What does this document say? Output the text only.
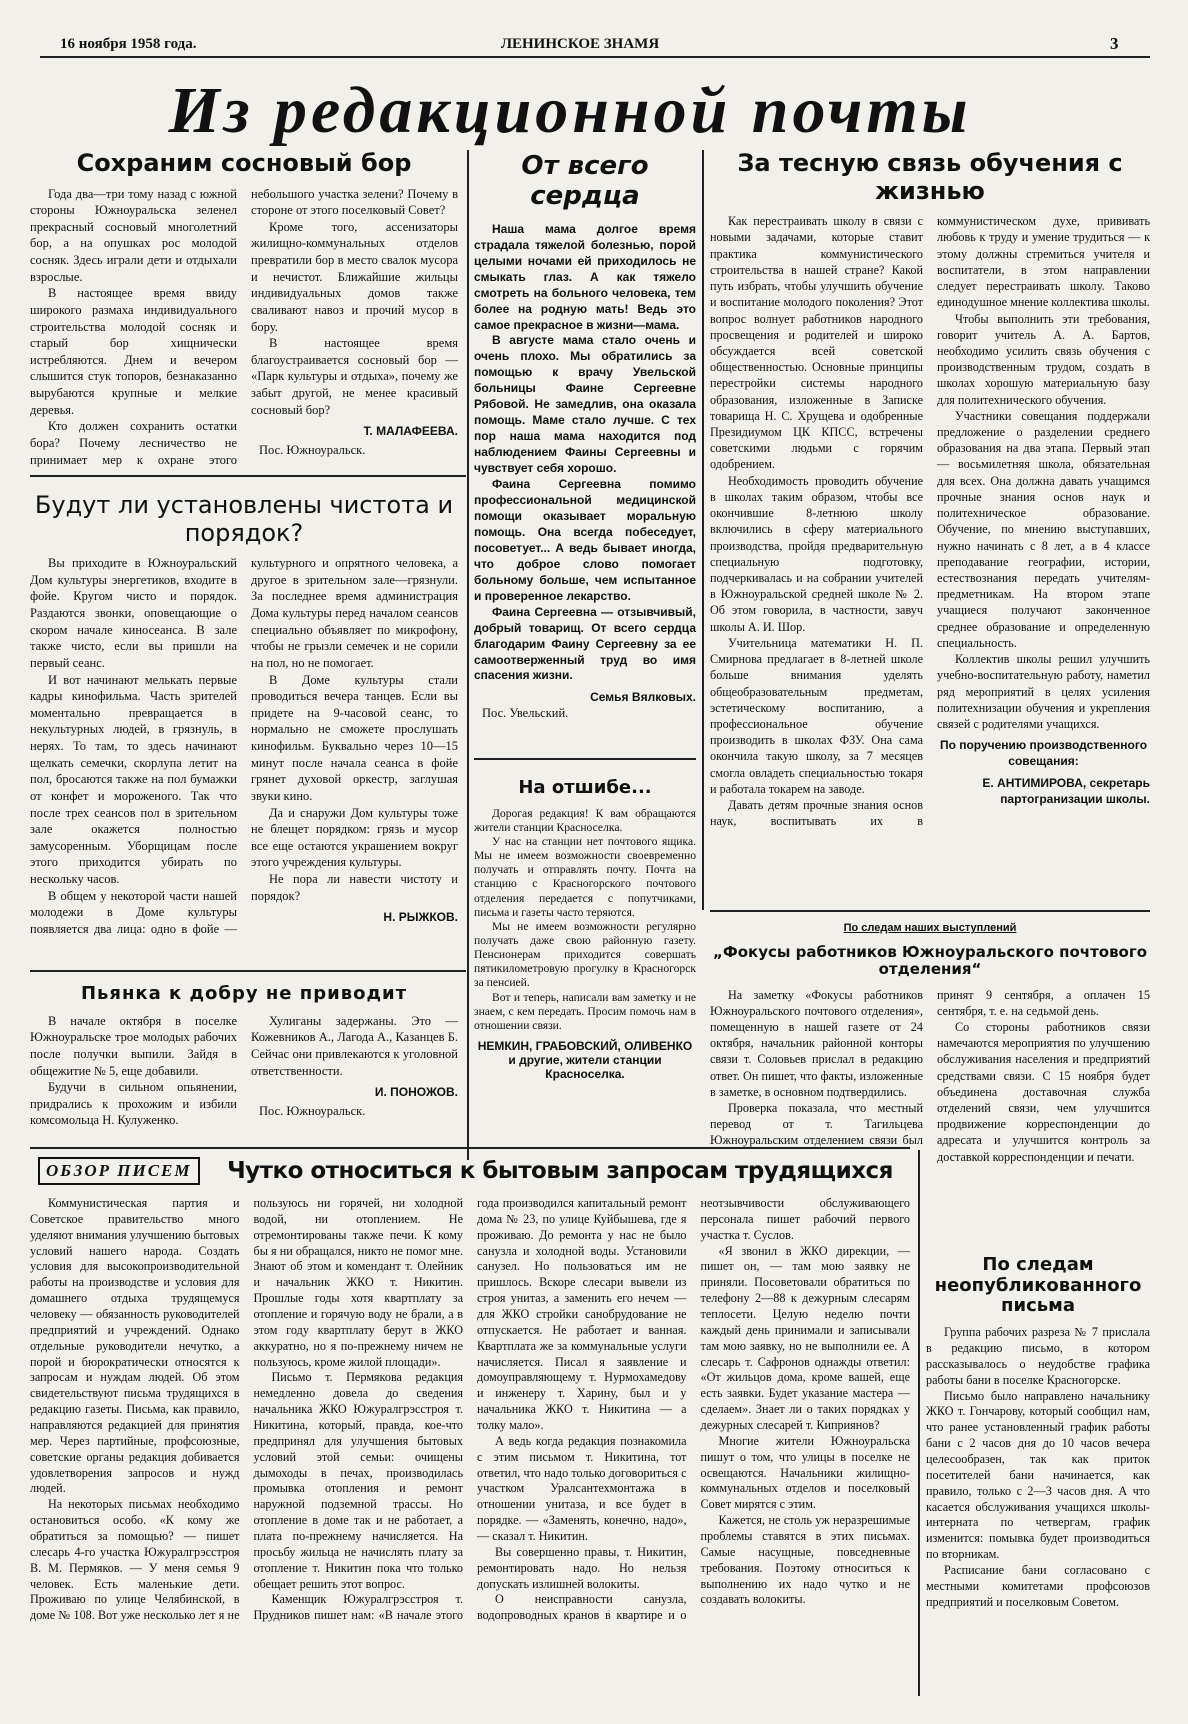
16 ноября 1958 года.	ЛЕНИНСКОЕ ЗНАМЯ	3
Из редакционной почты
Сохраним сосновый бор

Года два—три тому назад с южной стороны Южноуральска зеленел прекрасный сосновый многолетний бор, а на опушках рос молодой сосняк. Здесь играли дети и отдыхали взрослые.

В настоящее время ввиду широкого размаха индивидуального строительства молодой сосняк и старый бор хищнически истребляются. Днем и вечером слышится стук топоров, безнаказанно вырубаются крупные и мелкие деревья.

Кто должен сохранить остатки бора? Почему лесничество не принимает мер к охране этого небольшого участка зелени? Почему в стороне от этого поселковый Совет?

Кроме того, ассенизаторы жилищно-коммунальных отделов превратили бор в место свалок мусора и нечистот. Ближайшие жильцы индивидуальных домов также сваливают навоз и прочий мусор в бору.

В настоящее время благоустраивается сосновый бор — «Парк культуры и отдыха», почему же забыт другой, не менее красивый сосновый бор?

Т. МАЛАФЕЕВА.
Пос. Южноуральск.
От всего сердца

Наша мама долгое время страдала тяжелой болезнью, порой целыми ночами ей приходилось не смыкать глаз. А как тяжело смотреть на больного человека, тем более на родную мать! Ведь это самое прекрасное в жизни—мама.

В августе мама стало очень и очень плохо. Мы обратились за помощью к врачу Увельской больницы Фаине Сергеевне Рябовой. Не замедлив, она оказала помощь. Маме стало лучше. С тех пор наша мама находится под наблюдением Фаины Сергеевны и чувствует себя хорошо.

Фаина Сергеевна помимо профессиональной медицинской помощи оказывает моральную помощь. Она всегда побеседует, посоветует... А ведь бывает иногда, что доброе слово помогает больному больше, чем испытанное и проверенное лекарство.

Фаина Сергеевна — отзывчивый, добрый товарищ. От всего сердца благодарим Фаину Сергеевну за ее самоотверженный труд во имя спасения жизни.

Семья Вялковых.
Пос. Увельский.
За тесную связь обучения с жизнью

Как перестраивать школу в связи с новыми задачами, которые ставит практика коммунистического строительства в нашей стране? Какой путь избрать, чтобы улучшить обучение и воспитание молодого поколения? Этот вопрос волнует работников народного просвещения и родителей и широко обсуждается всей советской общественностью. Основные принципы перестройки системы народного образования, изложенные в Записке товарища Н. С. Хрущева и одобренные Президиумом ЦК КПСС, встречены советскими людьми с горячим одобрением.

Необходимость проводить обучение в школах таким образом, чтобы все окончившие 8-летнюю школу включились в сферу материального производства, пройдя предварительную специальную подготовку, подчеркивалась и на собрании учителей в Южноуральской средней школе № 2. Об этом говорила, в частности, завуч школы А. И. Шор.

Учительница математики Н. П. Смирнова предлагает в 8-летней школе больше внимания уделять общеобразовательным предметам, эстетическому воспитанию, а профессиональное обучение производить в школах ФЗУ. Она сама окончила такую школу, за 7 месяцев смогла овладеть специальностью токаря и работала токарем на заводе.

Давать детям прочные знания основ наук, воспитывать их в коммунистическом духе, прививать любовь к труду и умение трудиться — к этому должны стремиться учителя и воспитатели, в этом направлении следует перестраивать школу. Таково единодушное мнение коллектива школы.

Чтобы выполнить эти требования, говорит учитель А. А. Бартов, необходимо усилить связь обучения с производственным трудом, создать в школах хорошую материальную базу для политехнического обучения.

Участники совещания поддержали предложение о разделении среднего образования на два этапа. Первый этап — восьмилетняя школа, обязательная для всех. Она должна давать учащимся прочные знания основ наук и политехническое образование. Обучение, по мнению выступавших, нужно начинать с 8 лет, а в 4 классе преподавание географии, истории, естествознания передать учителям-предметникам. На втором этапе учащиеся получают законченное среднее образование и определенную специальность.

Коллектив школы решил улучшить учебно-воспитательную работу, наметил ряд мероприятий в целях усиления политехнизации обучения и укрепления связей с родителями учащихся.

По поручению производственного совещания:
Е. АНТИМИРОВА, секретарь партогранизации школы.
Будут ли установлены чистота и порядок?

Вы приходите в Южноуральский Дом культуры энергетиков, входите в фойе. Кругом чисто и порядок. Раздаются звонки, оповещающие о скором начале киносеанса. В зале также чисто, если вы пришли на первый сеанс.

И вот начинают мелькать первые кадры кинофильма. Часть зрителей моментально превращается в некультурных людей, в грязнуль, в неряx. То там, то здесь начинают щелкать семечки, скорлупа летит на пол, бросаются также на пол бумажки от конфет и мороженого. Так что после трех сеансов пол в зрительном зале окажется полностью замусоренным. Уборщицам после этого приходится убирать по нескольку часов.

В общем у некоторой части нашей молодежи в Доме культуры появляется два лица: одно в фойе — культурного и опрятного человека, а другое в зрительном зале—грязнули. За последнее время администрация Дома культуры перед началом сеансов специально объявляет по микрофону, чтобы не грызли семечек и не сорили на пол, но не помогает.

В Доме культуры стали проводиться вечера танцев. Если вы придете на 9-часовой сеанс, то нормально не сможете прослушать кинофильм. Буквально через 10—15 минут после начала сеанса в фойе грянет духовой оркестр, заглушая звуки кино.

Да и снаружи Дом культуры тоже не блещет порядком: грязь и мусор все еще остаются украшением вокруг этого учреждения культуры.

Не пора ли навести чистоту и порядок?

Н. РЫЖКОВ.
На отшибе...

Дорогая редакция! К вам обращаются жители станции Красноселка.

У нас на станции нет почтового ящика. Мы не имеем возможности своевременно получать и отправлять почту. Почта на станцию с Красногорского почтового отделения передается с попутчиками, письма и газеты часто теряются.

Мы не имеем возможности регулярно получать даже свою районную газету. Пенсионерам приходится совершать пятикилометровую прогулку в Красногорск за пенсией.

Вот и теперь, написали вам заметку и не знаем, с кем передать. Просим помочь нам в отношении связи.

НЕМКИН, ГРАБОВСКИЙ, ОЛИВЕНКО и другие, жители станции Красноселка.
Пьянка к добру не приводит

В начале октября в поселке Южноуральске трое молодых рабочих после получки выпили. Зайдя в общежитие № 5, еще добавили.

Будучи в сильном опьянении, придрались к прохожим и избили комсомольца Н. Кулуженко.

Хулиганы задержаны. Это — Кожевников А., Лагода А., Казанцев Б. Сейчас они привлекаются к уголовной ответственности.

И. ПОНОЖОВ.
Пос. Южноуральск.
По следам наших выступлений
„Фокусы работников Южноуральского почтового отделения“

На заметку «Фокусы работников Южноуральского почтового отделения», помещенную в нашей газете от 24 октября, начальник районной конторы связи т. Соловьев прислал в редакцию ответ. Он пишет, что факты, изложенные в заметке, в основном подтвердились.

Проверка показала, что местный перевод от т. Тагильцева Южноуральским отделением связи был принят 9 сентября, а оплачен 15 сентября, т. е. на седьмой день.

Со стороны работников связи намечаются мероприятия по улучшению обслуживания населения и предприятий средствами связи. С 15 ноября будет объединена доставочная служба отделений связи, чем улучшится продвижение корреспонденции до адресата и улучшится контроль за доставкой корреспонденции и печати.

ОБЗОР ПИСЕМ	Чутко относиться к бытовым запросам трудящихся

Коммунистическая партия и Советское правительство много уделяют внимания улучшению бытовых условий нашего народа. Создать условия для высокопроизводительной работы на производстве и условия для домашнего отдыха трудящемуся человеку — обязанность руководителей предприятий и учреждений. Однако отдельные руководители нечутко, а порой и бюрократически относятся к запросам и нуждам людей. Об этом свидетельствуют письма трудящихся в редакцию газеты. Письма, как правило, направляются редакцией для принятия мер. Через партийные, профсоюзные, советские органы редакция добивается удовлетворения запросов и нужд людей.

На некоторых письмах необходимо остановиться особо. «К кому же обратиться за помощью? — пишет слесарь 4-го участка Южуралгрэсстроя В. М. Пермяков. — У меня семья 9 человек. Есть маленькие дети. Проживаю по улице Челябинской, в доме № 108. Вот уже несколько лет я не пользуюсь ни горячей, ни холодной водой, ни отоплением. Не отремонтированы также печи. К кому бы я ни обращался, никто не помог мне. Знают об этом и комендант т. Олейник и начальник ЖКО т. Никитин. Прошлые годы хотя квартплату за отопление и горячую воду не брали, а в этом году квартплату берут в ЖКО аккуратно, но я по-прежнему ничем не пользуюсь, кроме жилой площади».

Письмо т. Пермякова редакция немедленно довела до сведения начальника ЖКО Южуралгрэсстроя т. Никитина, который, правда, кое-что предпринял для улучшения бытовых условий этой семьи: очищены дымоходы в печах, производилась промывка отопления и ремонт наружной подземной трассы. Но отопление в доме так и не работает, а плата по-прежнему начисляется. На просьбу жильца не начислять плату за отопление т. Никитин пока что только обещает решить этот вопрос.

Каменщик Южуралгрэсстроя т. Прудников пишет нам: «В начале этого года производился капитальный ремонт дома № 23, по улице Куйбышева, где я проживаю. До ремонта у нас не было санузла и холодной воды. Установили санузел. Но пользоваться им не пришлось. Вскоре слесари вывели из строя унитаз, а заменить его нечем — для ЖКО стройки санобрудование не отпускается. Не работает и ванная. Квартплата же за коммунальные услуги начисляется. Писал я заявление и домоуправляющему т. Нурмохамедову и инженеру т. Харину, был и у начальника ЖКО т. Никитина — а толку мало».

А ведь когда редакция познакомила с этим письмом т. Никитина, тот ответил, что надо только договориться с участком Уралсантехмонтажа в отношении унитаза, и все будет в порядке. — «Заменять, конечно, надо», — сказал т. Никитин.

Вы совершенно правы, т. Никитин, ремонтировать надо. Но нельзя допускать излишней волокиты.

О неисправности санузла, водопроводных кранов в квартире и о неотзывчивости обслуживающего персонала пишет рабочий первого участка т. Суслов.

«Я звонил в ЖКО дирекции, — пишет он, — там мою заявку не приняли. Посоветовали обратиться по телефону 2—88 к дежурным слесарям теплосети. Целую неделю почти каждый день принимали и записывали там мою заявку, но не выполнили ее. А слесарь т. Сафронов однажды ответил: «От жильцов дома, кроме вашей, еще есть заявки. Будет указание мастера — сделаем». Знает ли о таких порядках у дежурных слесарей т. Киприянов?

Многие жители Южноуральска пишут о том, что улицы в поселке не освещаются. Начальники жилищно-коммунальных отделов и поселковый Совет мирятся с этим.

Кажется, не столь уж неразрешимые проблемы ставятся в этих письмах. Самые насущные, повседневные требования. Поэтому относиться к выполнению их надо чутко и не создавать волокиты.

По следам неопубликованного письма

Группа рабочих разреза № 7 прислала в редакцию письмо, в котором рассказывалось о неудобстве графика работы бани в поселке Красногорске.

Письмо было направлено начальнику ЖКО т. Гончарову, который сообщил нам, что ранее установленный график работы бани с 2 часов дня до 10 часов вечера целесообразен, так как приток посетителей бани начинается, как правило, только с 2—3 часов дня. А что касается обслуживания учащихся школы-интерната по четвергам, график изменится: помывка будет производиться по вторникам.

Расписание бани согласовано с местными комитетами профсоюзов предприятий и поселковым Советом.
